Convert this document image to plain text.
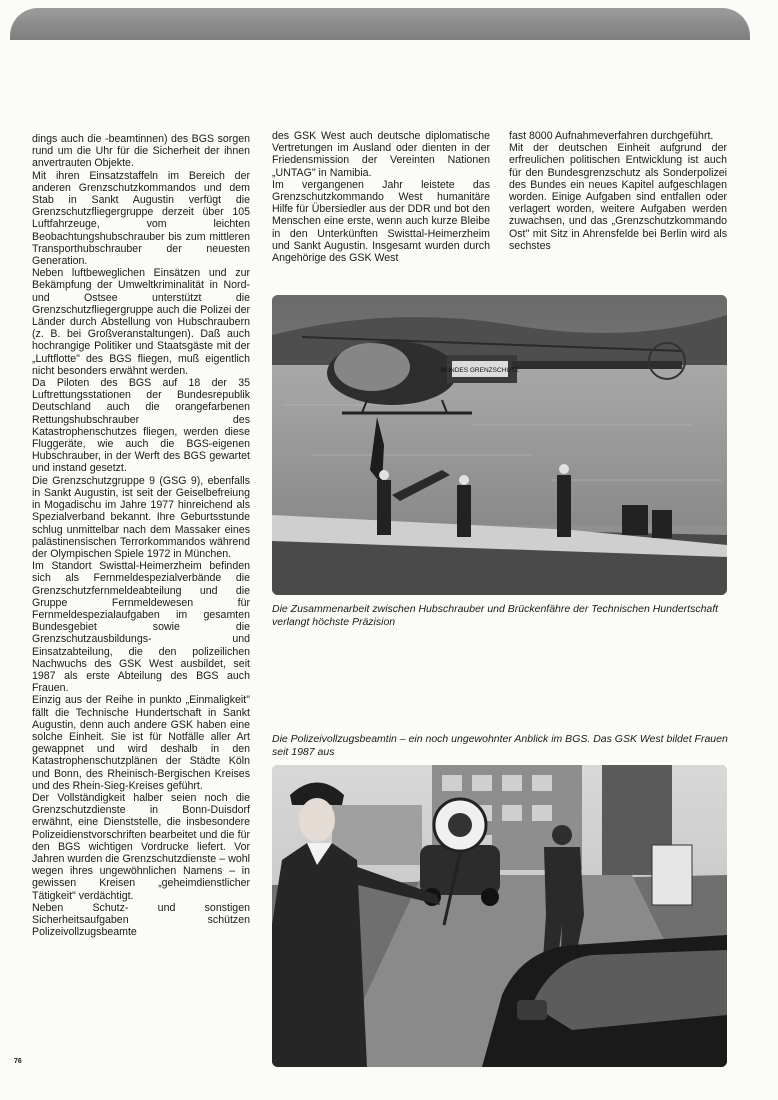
dings auch die -beamtinnen) des BGS sorgen rund um die Uhr für die Sicherheit der ihnen anvertrauten Objekte.

Mit ihren Einsatzstaffeln im Bereich der anderen Grenzschutzkommandos und dem Stab in Sankt Augustin verfügt die Grenzschutzfliegergruppe derzeit über 105 Luftfahrzeuge, vom leichten Beobachtungshubschrauber bis zum mittleren Transporthubschrauber der neuesten Generation.

Neben luftbeweglichen Einsätzen und zur Bekämpfung der Umweltkriminalität in Nord- und Ostsee unterstützt die Grenzschutzfliegergruppe auch die Polizei der Länder durch Abstellung von Hubschraubern (z. B. bei Großveranstaltungen). Daß auch hochrangige Politiker und Staatsgäste mit der „Luftflotte" des BGS fliegen, muß eigentlich nicht besonders erwähnt werden.

Da Piloten des BGS auf 18 der 35 Luftrettungsstationen der Bundesrepublik Deutschland auch die orangefarbenen Rettungshubschrauber des Katastrophenschutzes fliegen, werden diese Fluggeräte, wie auch die BGS-eigenen Hubschrauber, in der Werft des BGS gewartet und instand gesetzt.

Die Grenzschutzgruppe 9 (GSG 9), ebenfalls in Sankt Augustin, ist seit der Geiselbefreiung in Mogadischu im Jahre 1977 hinreichend als Spezialverband bekannt. Ihre Geburtsstunde schlug unmittelbar nach dem Massaker eines palästinensischen Terrorkommandos während der Olympischen Spiele 1972 in München.

Im Standort Swisttal-Heimerzheim befinden sich als Fernmeldespezialverbände die Grenzschutzfernmeldeabteilung und die Gruppe Fernmeldewesen für Fernmeldespezialaufgaben im gesamten Bundesgebiet sowie die Grenzschutzausbildungs- und Einsatzabteilung, die den polizeilichen Nachwuchs des GSK West ausbildet, seit 1987 als erste Abteilung des BGS auch Frauen.

Einzig aus der Reihe in punkto „Einmaligkeit" fällt die Technische Hundertschaft in Sankt Augustin, denn auch andere GSK haben eine solche Einheit. Sie ist für Notfälle aller Art gewappnet und wird deshalb in den Katastrophenschutzplänen der Städte Köln und Bonn, des Rheinisch-Bergischen Kreises und des Rhein-Sieg-Kreises geführt.

Der Vollständigkeit halber seien noch die Grenzschutzdienste in Bonn-Duisdorf erwähnt, eine Dienststelle, die insbesondere Polizeidienstvorschriften bearbeitet und die für den BGS wichtigen Vordrucke liefert. Vor Jahren wurden die Grenzschutzdienste – wohl wegen ihres ungewöhnlichen Namens – in gewissen Kreisen „geheimdienstlicher Tätigkeit" verdächtigt.

Neben Schutz- und sonstigen Sicherheitsaufgaben schützen Polizeivollzugsbeamte

des GSK West auch deutsche diplomatische Vertretungen im Ausland oder dienten in der Friedensmission der Vereinten Nationen „UNTAG" in Namibia.

Im vergangenen Jahr leistete das Grenzschutzkommando West humanitäre Hilfe für Übersiedler aus der DDR und bot den Menschen eine erste, wenn auch kurze Bleibe in den Unterkünften Swisttal-Heimerzheim und Sankt Augustin. Insgesamt wurden durch Angehörige des GSK West

fast 8000 Aufnahmeverfahren durchgeführt.

Mit der deutschen Einheit aufgrund der erfreulichen politischen Entwicklung ist auch für den Bundesgrenzschutz als Sonderpolizei des Bundes ein neues Kapitel aufgeschlagen worden. Einige Aufgaben sind entfallen oder verlagert worden, weitere Aufgaben werden zuwachsen, und das „Grenzschutzkommando Ost" mit Sitz in Ahrensfelde bei Berlin wird als sechstes

BUNDES GRENZSCHUTZ
Die Zusammenarbeit zwischen Hubschrauber und Brückenfähre der Technischen Hundertschaft verlangt höchste Präzision
Die Polizeivollzugsbeamtin – ein noch ungewohnter Anblick im BGS. Das GSK West bildet Frauen seit 1987 aus
76
